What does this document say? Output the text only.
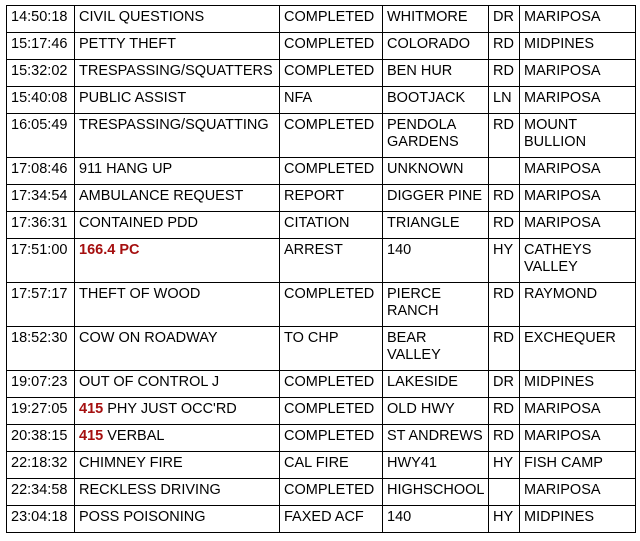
14:50:18	CIVIL QUESTIONS	COMPLETED	WHITMORE	DR	MARIPOSA
15:17:46	PETTY THEFT	COMPLETED	COLORADO	RD	MIDPINES
15:32:02	TRESPASSING/SQUATTERS	COMPLETED	BEN HUR	RD	MARIPOSA
15:40:08	PUBLIC ASSIST	NFA	BOOTJACK	LN	MARIPOSA
16:05:49	TRESPASSING/SQUATTING	COMPLETED	PENDOLA GARDENS	RD	MOUNT BULLION
17:08:46	911 HANG UP	COMPLETED	UNKNOWN		MARIPOSA
17:34:54	AMBULANCE REQUEST	REPORT	DIGGER PINE	RD	MARIPOSA
17:36:31	CONTAINED PDD	CITATION	TRIANGLE	RD	MARIPOSA
17:51:00	166.4 PC	ARREST	140	HY	CATHEYS VALLEY
17:57:17	THEFT OF WOOD	COMPLETED	PIERCE RANCH	RD	RAYMOND
18:52:30	COW ON ROADWAY	TO CHP	BEAR VALLEY	RD	EXCHEQUER
19:07:23	OUT OF CONTROL J	COMPLETED	LAKESIDE	DR	MIDPINES
19:27:05	415 PHY JUST OCC'RD	COMPLETED	OLD HWY	RD	MARIPOSA
20:38:15	415 VERBAL	COMPLETED	ST ANDREWS	RD	MARIPOSA
22:18:32	CHIMNEY FIRE	CAL FIRE	HWY41	HY	FISH CAMP
22:34:58	RECKLESS DRIVING	COMPLETED	HIGHSCHOOL		MARIPOSA
23:04:18	POSS POISONING	FAXED ACF	140	HY	MIDPINES
